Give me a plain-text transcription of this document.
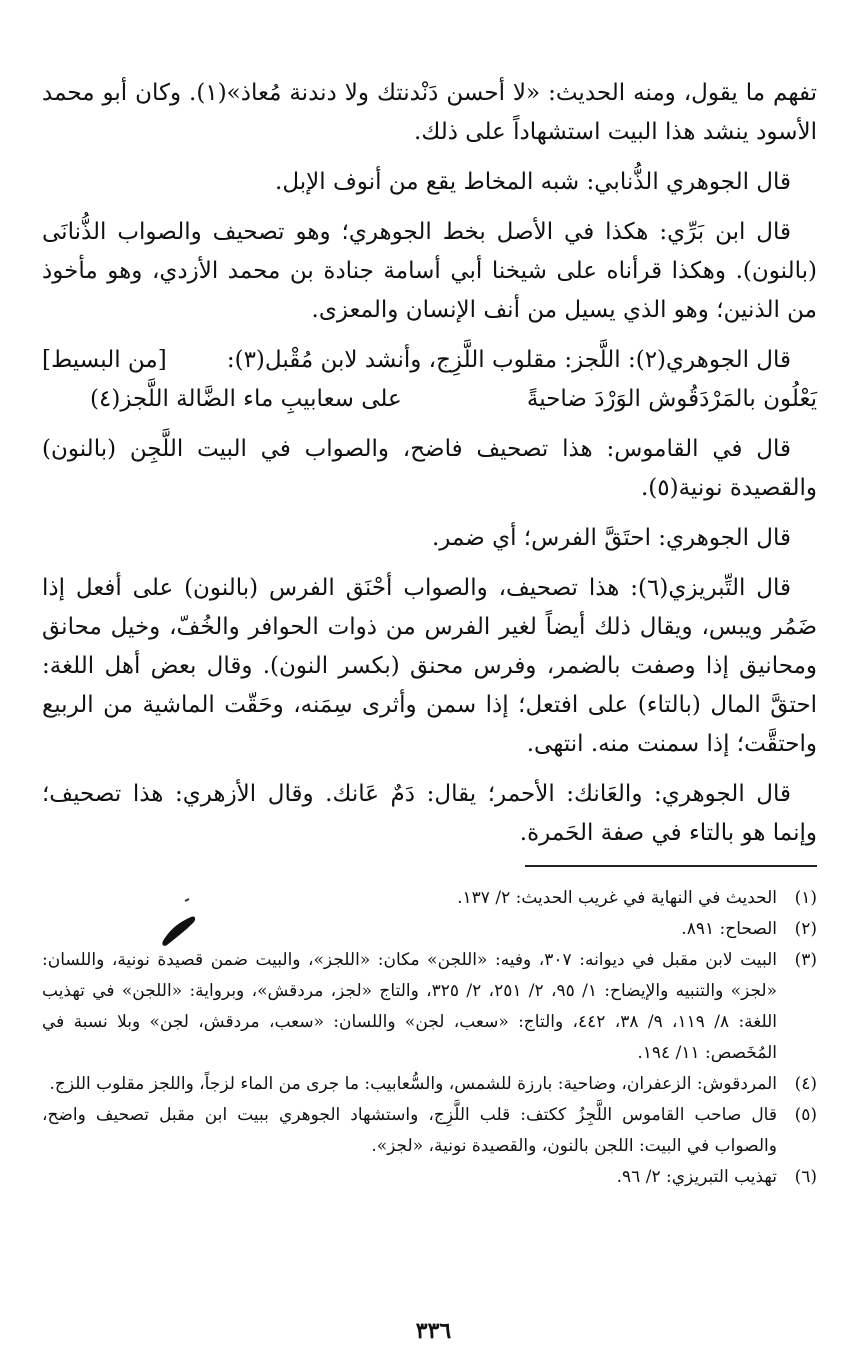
تفهم ما يقول، ومنه الحديث: «لا أحسن دَنْدنتك ولا دندنة مُعاذ»(١). وكان أبو محمد الأسود ينشد هذا البيت استشهاداً على ذلك.

قال الجوهري الذُّنابي: شبه المخاط يقع من أنوف الإبل.

قال ابن بَرِّي: هكذا في الأصل بخط الجوهري؛ وهو تصحيف والصواب الذُّنانَى (بالنون). وهكذا قرأناه على شيخنا أبي أسامة جنادة بن محمد الأزدي، وهو مأخوذ من الذنين؛ وهو الذي يسيل من أنف الإنسان والمعزى.

قال الجوهري(٢): اللَّجز: مقلوب اللَّزِج، وأنشد لابن مُقْبل(٣):
[من البسيط]
يَعْلُون بالمَرْدَقُوش الوَرْدَ ضاحيةً
على سعابيبِ ماء الضَّالة اللَّجز(٤)

قال في القاموس: هذا تصحيف فاضح، والصواب في البيت اللَّجِن (بالنون) والقصيدة نونية(٥).

قال الجوهري: احتَقَّ الفرس؛ أي ضمر.

قال التِّبريزي(٦): هذا تصحيف، والصواب أحْنَق الفرس (بالنون) على أفعل إذا ضَمُر ويبس، ويقال ذلك أيضاً لغير الفرس من ذوات الحوافر والخُفّ، وخيل محانق ومحانيق إذا وصفت بالضمر، وفرس محنق (بكسر النون). وقال بعض أهل اللغة: احتقَّ المال (بالتاء) على افتعل؛ إذا سمن وأثرى سِمَنه، وحَقّت الماشية من الربيع واحتقَّت؛ إذا سمنت منه. انتهى.

قال الجوهري: والعَانك: الأحمر؛ يقال: دَمٌ عَانك. وقال الأزهري: هذا تصحيف؛ وإنما هو بالتاء في صفة الحَمرة.

(١)
الحديث في النهاية في غريب الحديث: ٢/ ١٣٧.
(٢)
الصحاح: ٨٩١.
(٣)
البيت لابن مقبل في ديوانه: ٣٠٧، وفيه: «اللجن» مكان: «اللجز»، والبيت ضمن قصيدة نونية، واللسان: «لجز» والتنبيه والإيضاح: ١/ ٩٥، ٢/ ٢٥١، ٢/ ٣٢٥، والتاج «لجز، مردقش»، وبرواية: «اللجن» في تهذيب اللغة: ٨/ ١١٩، ٩/ ٣٨، ٤٤٢، والتاج: «سعب، لجن» واللسان: «سعب، مردقش، لجن» وبلا نسبة في المُخَصص: ١١/ ١٩٤.
(٤)
المردقوش: الزعفران، وضاحية: بارزة للشمس، والسُّعابيب: ما جرى من الماء لزجاً، واللجز مقلوب اللزج.
(٥)
قال صاحب القاموس اللَّجِزُ ككتف: قلب اللَّزِج، واستشهاد الجوهري ببيت ابن مقبل تصحيف واضح، والصواب في البيت: اللجن بالنون، والقصيدة نونية، «لجز».
(٦)
تهذيب التبريزي: ٢/ ٩٦.
٣٣٦
